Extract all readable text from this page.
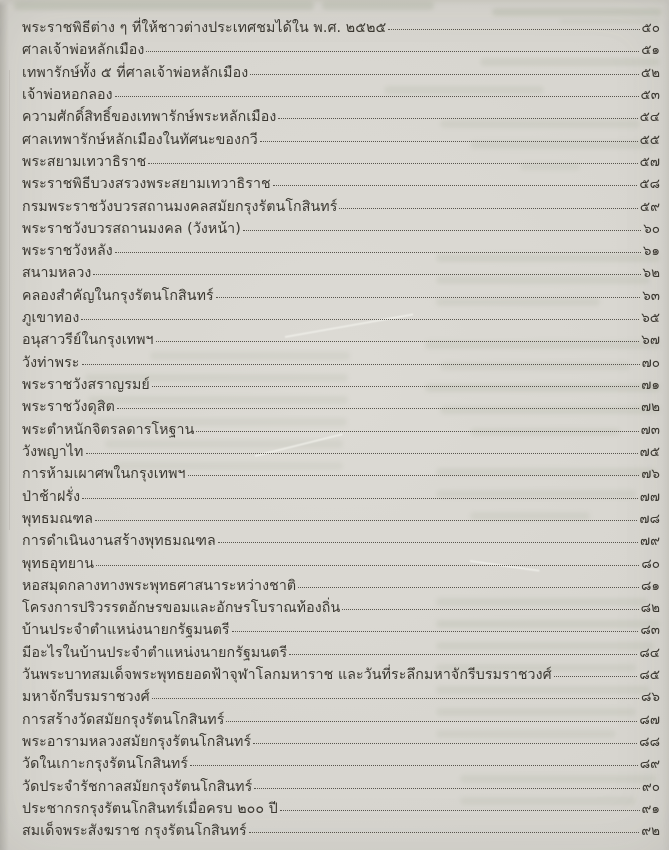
พระราชพิธีต่าง ๆ ที่ให้ชาวต่างประเทศชมได้ใน พ.ศ. ๒๕๒๕	๕๐
ศาลเจ้าพ่อหลักเมือง	๕๑
เทพารักษ์ทั้ง ๕ ที่ศาลเจ้าพ่อหลักเมือง	๕๒
เจ้าพ่อหอกลอง	๕๓
ความศักดิ์สิทธิ์ของเทพารักษ์พระหลักเมือง	๕๔
ศาลเทพารักษ์หลักเมืองในทัศนะของกวี	๕๕
พระสยามเทวาธิราช	๕๗
พระราชพิธีบวงสรวงพระสยามเทวาธิราช	๕๘
กรมพระราชวังบวรสถานมงคลสมัยกรุงรัตนโกสินทร์	๕๙
พระราชวังบวรสถานมงคล (วังหน้า)	๖๐
พระราชวังหลัง	๖๑
สนามหลวง	๖๒
คลองสำคัญในกรุงรัตนโกสินทร์	๖๓
ภูเขาทอง	๖๕
อนุสาวรีย์ในกรุงเทพฯ	๖๗
วังท่าพระ	๗๐
พระราชวังสราญรมย์	๗๑
พระราชวังดุสิต	๗๒
พระตำหนักจิตรลดารโหฐาน	๗๓
วังพญาไท	๗๕
การห้ามเผาศพในกรุงเทพฯ	๗๖
ป่าช้าฝรั่ง	๗๗
พุทธมณฑล	๗๘
การดำเนินงานสร้างพุทธมณฑล	๗๙
พุทธอุทยาน	๘๐
หอสมุดกลางทางพระพุทธศาสนาระหว่างชาติ	๘๑
โครงการปริวรรตอักษรขอมและอักษรโบราณท้องถิ่น	๘๒
บ้านประจำตำแหน่งนายกรัฐมนตรี	๘๓
มีอะไรในบ้านประจำตำแหน่งนายกรัฐมนตรี	๘๔
วันพระบาทสมเด็จพระพุทธยอดฟ้าจุฬาโลกมหาราช และวันที่ระลึกมหาจักรีบรมราชวงศ์	๘๕
มหาจักรีบรมราชวงศ์	๘๖
การสร้างวัดสมัยกรุงรัตนโกสินทร์	๘๗
พระอารามหลวงสมัยกรุงรัตนโกสินทร์	๘๘
วัดในเกาะกรุงรัตนโกสินทร์	๘๙
วัดประจำรัชกาลสมัยกรุงรัตนโกสินทร์	๙๐
ประชากรกรุงรัตนโกสินทร์เมื่อครบ ๒๐๐ ปี	๙๑
สมเด็จพระสังฆราช กรุงรัตนโกสินทร์	๙๒
